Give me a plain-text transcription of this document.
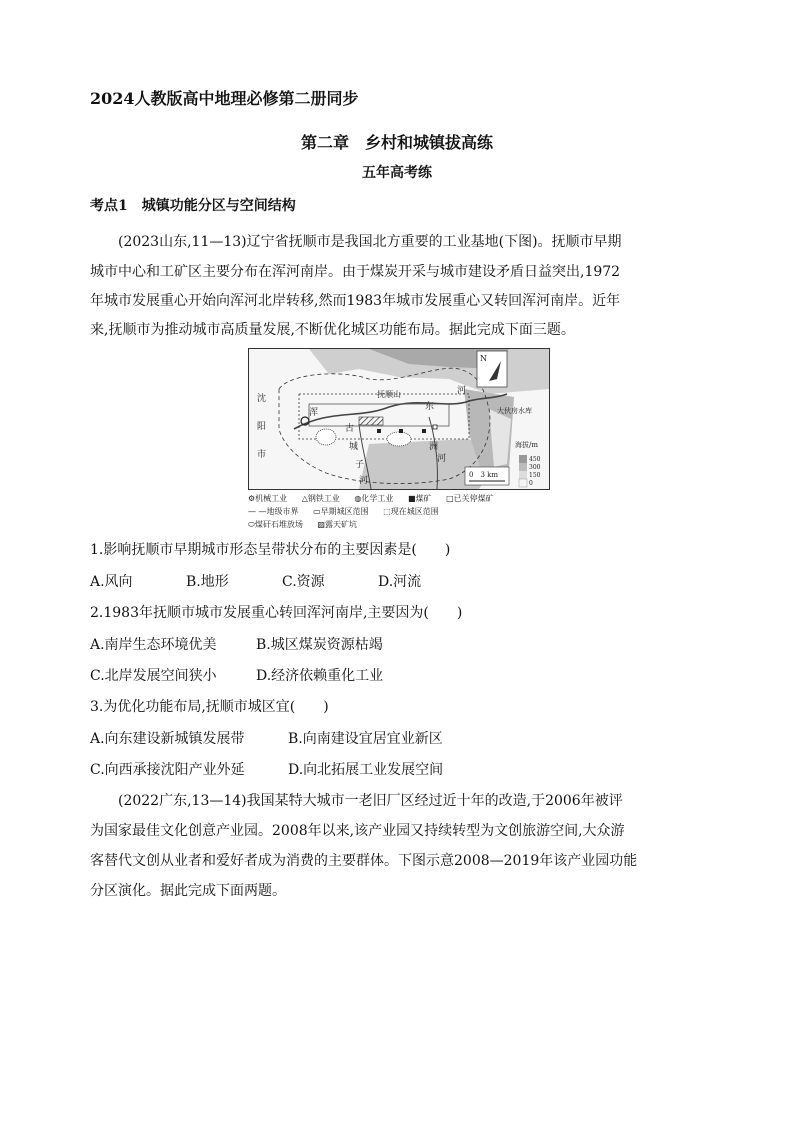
2024人教版高中地理必修第二册同步
第二章　乡村和城镇拔高练
五年高考练
考点1　城镇功能分区与空间结构
(2023山东,11—13)辽宁省抚顺市是我国北方重要的工业基地(下图)。抚顺市早期
城市中心和工矿区主要分布在浑河南岸。由于煤炭开采与城市建设矛盾日益突出,1972
年城市发展重心开始向浑河北岸转移,然而1983年城市发展重心又转回浑河南岸。近年
来,抚顺市为推动城市高质量发展,不断优化城区功能布局。据此完成下面三题。
沈
阳
市
浑
河
抚顺山
东
洲
古
城
子
河
河
大伙房水库
N
海拔/m
450
300
150
0
0　3 km
⚙机械工业 △钢铁工业 ◍化学工业 ■煤矿 □已关停煤矿
— —地级市界 ▭早期城区范围 ⬚现在城区范围
⬭煤矸石堆放场 ▨露天矿坑
1.影响抚顺市早期城市形态呈带状分布的主要因素是(　　)
A.风向	B.地形	C.资源	D.河流
2.1983年抚顺市城市发展重心转回浑河南岸,主要因为(　　)
A.南岸生态环境优美	B.城区煤炭资源枯竭
C.北岸发展空间狭小	D.经济依赖重化工业
3.为优化功能布局,抚顺市城区宜(　　)
A.向东建设新城镇发展带	B.向南建设宜居宜业新区
C.向西承接沈阳产业外延	D.向北拓展工业发展空间
(2022广东,13—14)我国某特大城市一老旧厂区经过近十年的改造,于2006年被评
为国家最佳文化创意产业园。2008年以来,该产业园又持续转型为文创旅游空间,大众游
客替代文创从业者和爱好者成为消费的主要群体。下图示意2008—2019年该产业园功能
分区演化。据此完成下面两题。
